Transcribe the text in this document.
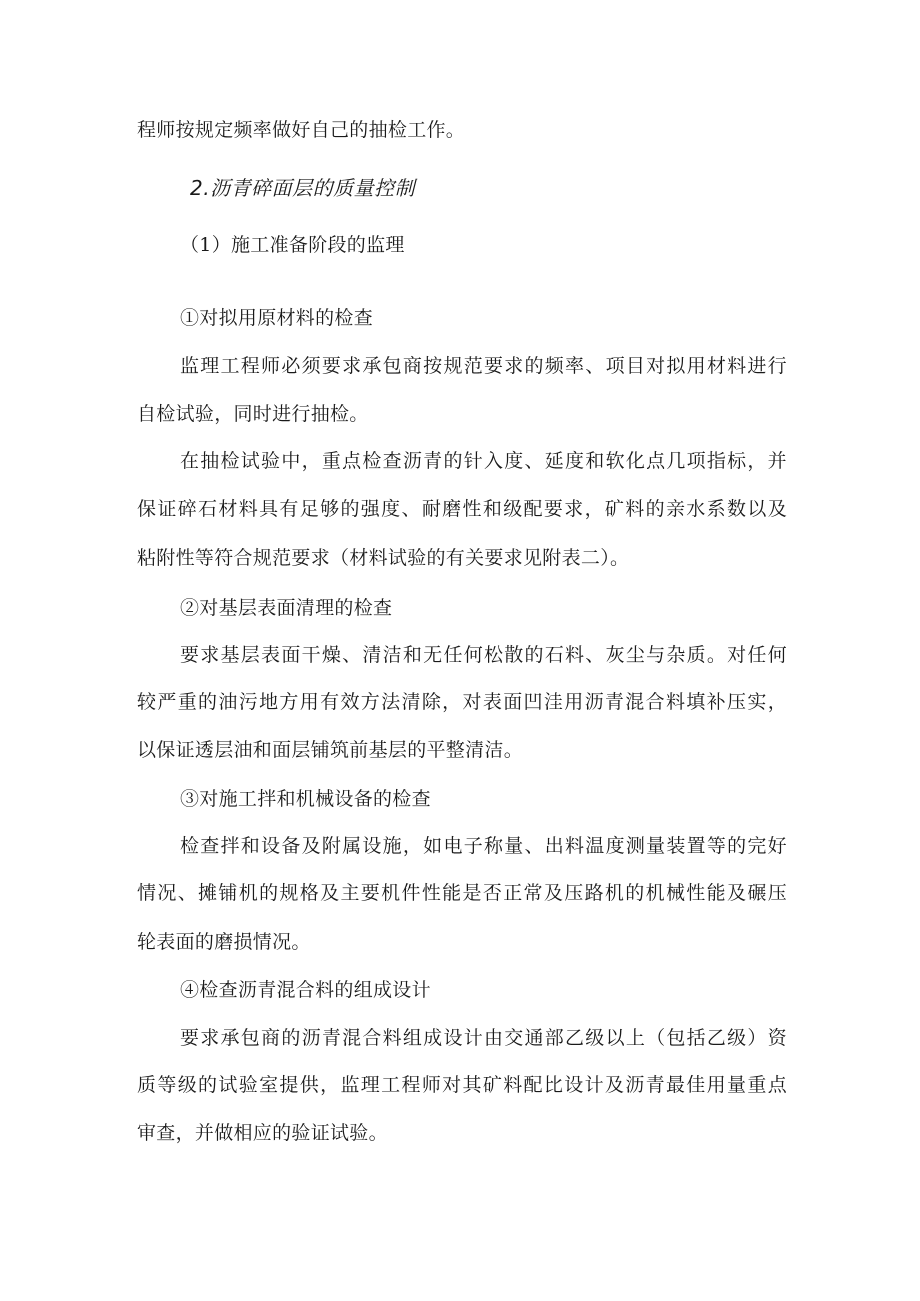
程师按规定频率做好自己的抽检工作。
2.沥青碎面层的质量控制
（1）施工准备阶段的监理
①对拟用原材料的检查
监理工程师必须要求承包商按规范要求的频率、项目对拟用材料进行
自检试验，同时进行抽检。
在抽检试验中，重点检查沥青的针入度、延度和软化点几项指标，并
保证碎石材料具有足够的强度、耐磨性和级配要求，矿料的亲水系数以及
粘附性等符合规范要求（材料试验的有关要求见附表二）。
②对基层表面清理的检查
要求基层表面干燥、清洁和无任何松散的石料、灰尘与杂质。对任何
较严重的油污地方用有效方法清除，对表面凹洼用沥青混合料填补压实，
以保证透层油和面层铺筑前基层的平整清洁。
③对施工拌和机械设备的检查
检查拌和设备及附属设施，如电子称量、出料温度测量装置等的完好
情况、摊铺机的规格及主要机件性能是否正常及压路机的机械性能及碾压
轮表面的磨损情况。
④检查沥青混合料的组成设计
要求承包商的沥青混合料组成设计由交通部乙级以上（包括乙级）资
质等级的试验室提供，监理工程师对其矿料配比设计及沥青最佳用量重点
审查，并做相应的验证试验。
